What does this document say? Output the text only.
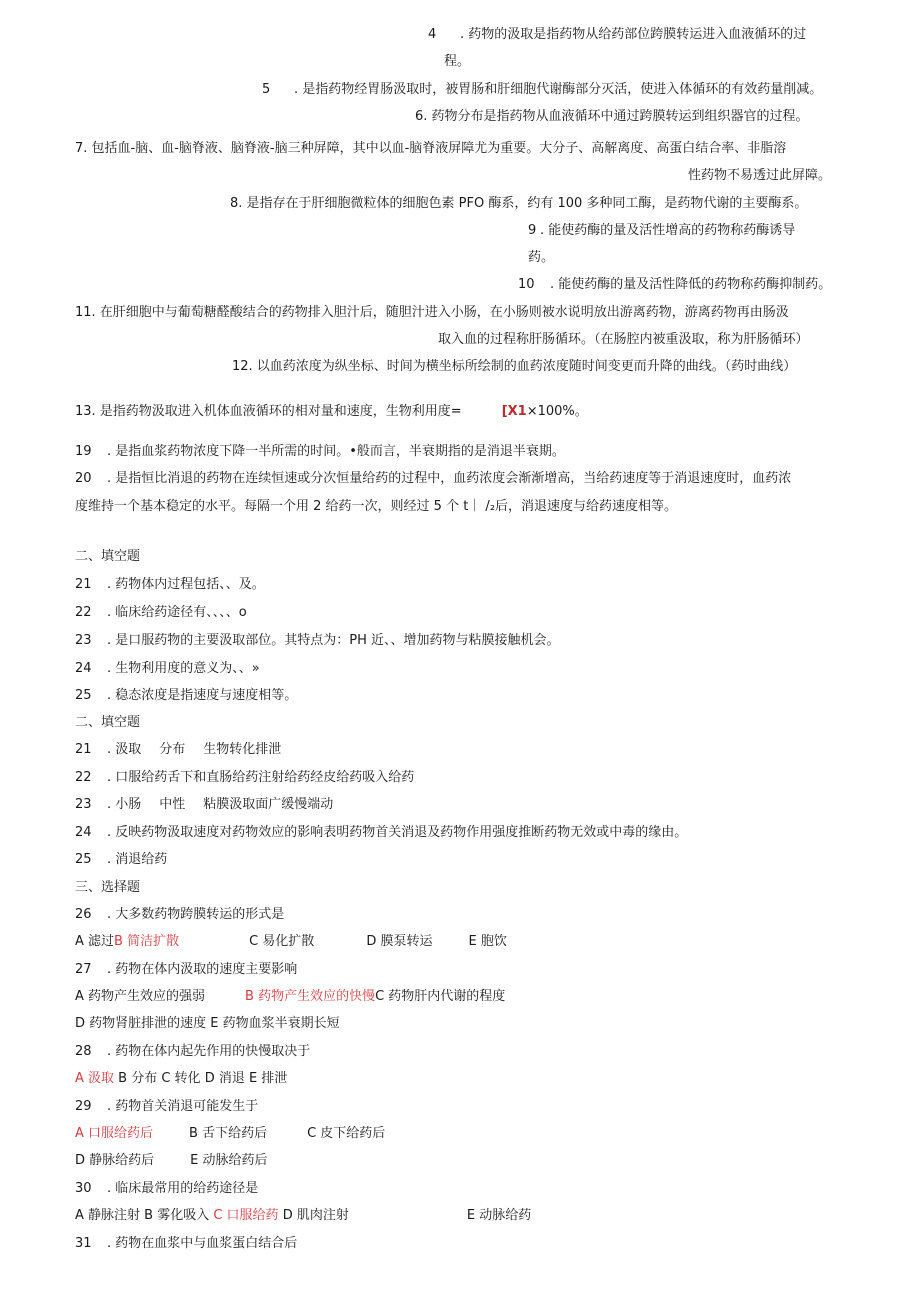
4 . 药物的汲取是指药物从给药部位跨膜转运进入血液循环的过
程。
5 . 是指药物经胃肠汲取时，被胃肠和肝细胞代谢酶部分灭活，使进入体循环的有效药量削减。
6. 药物分布是指药物从血液循环中通过跨膜转运到组织器官的过程。
7. 包括血-脑、血-脑脊液、脑脊液-脑三种屏障，其中以血-脑脊液屏障尤为重要。大分子、高解离度、高蛋白结合率、非脂溶
性药物不易透过此屏障。
8. 是指存在于肝细胞微粒体的细胞色素 PFO 酶系，约有 100 多种同工酶，是药物代谢的主要酶系。
9 . 能使药酶的量及活性增高的药物称药酶诱导
药。
10 . 能使药酶的量及活性降低的药物称药酶抑制药。
11. 在肝细胞中与葡萄糖醛酸结合的药物排入胆汁后，随胆汁进入小肠，在小肠则被水说明放出游离药物，游离药物再由肠汲
取入血的过程称肝肠循环。（在肠腔内被重汲取，称为肝肠循环）
12. 以血药浓度为纵坐标、时间为横坐标所绘制的血药浓度随时间变更而升降的曲线。（药时曲线）
13. 是指药物汲取进入机体血液循环的相对量和速度，生物利用度=	[X1×100%。
19 . 是指血浆药物浓度下降一半所需的时间。•般而言，半衰期指的是消退半衰期。
20 . 是指恒比消退的药物在连续恒速或分次恒量给药的过程中，血药浓度会渐渐增高，当给药速度等于消退速度时，血药浓
度维持一个基本稳定的水平。每隔一个用 2 给药一次，则经过 5 个 t｜ /₂后，消退速度与给药速度相等。
二、填空题
21 . 药物体内过程包括、、及。
22 . 临床给药途径有、、、、o
23 . 是口服药物的主要汲取部位。其特点为：PH 近、、增加药物与粘膜接触机会。
24 . 生物利用度的意义为、、»
25 . 稳态浓度是指速度与速度相等。
二、填空题
21 . 汲取 分布 生物转化排泄
22 . 口服给药舌下和直肠给药注射给药经皮给药吸入给药
23 . 小肠 中性 粘膜汲取面广缓慢端动
24 . 反映药物汲取速度对药物效应的影响表明药物首关消退及药物作用强度推断药物无效或中毒的缘由。
25 . 消退给药
三、选择题
26 . 大多数药物跨膜转运的形式是
A 滤过B 简洁扩散	C 易化扩散	D 膜泵转运	E 胞饮
27 . 药物在体内汲取的速度主要影响
A 药物产生效应的强弱	B 药物产生效应的快慢C 药物肝内代谢的程度
D 药物肾脏排泄的速度 E 药物血浆半衰期长短
28 . 药物在体内起先作用的快慢取决于
A 汲取 B 分布 C 转化 D 消退 E 排泄
29 . 药物首关消退可能发生于
A 口服给药后	B 舌下给药后	C 皮下给药后
D 静脉给药后	E 动脉给药后
30 . 临床最常用的给药途径是
A 静脉注射 B 雾化吸入 C 口服给药 D 肌肉注射	E 动脉给药
31 . 药物在血浆中与血浆蛋白结合后
